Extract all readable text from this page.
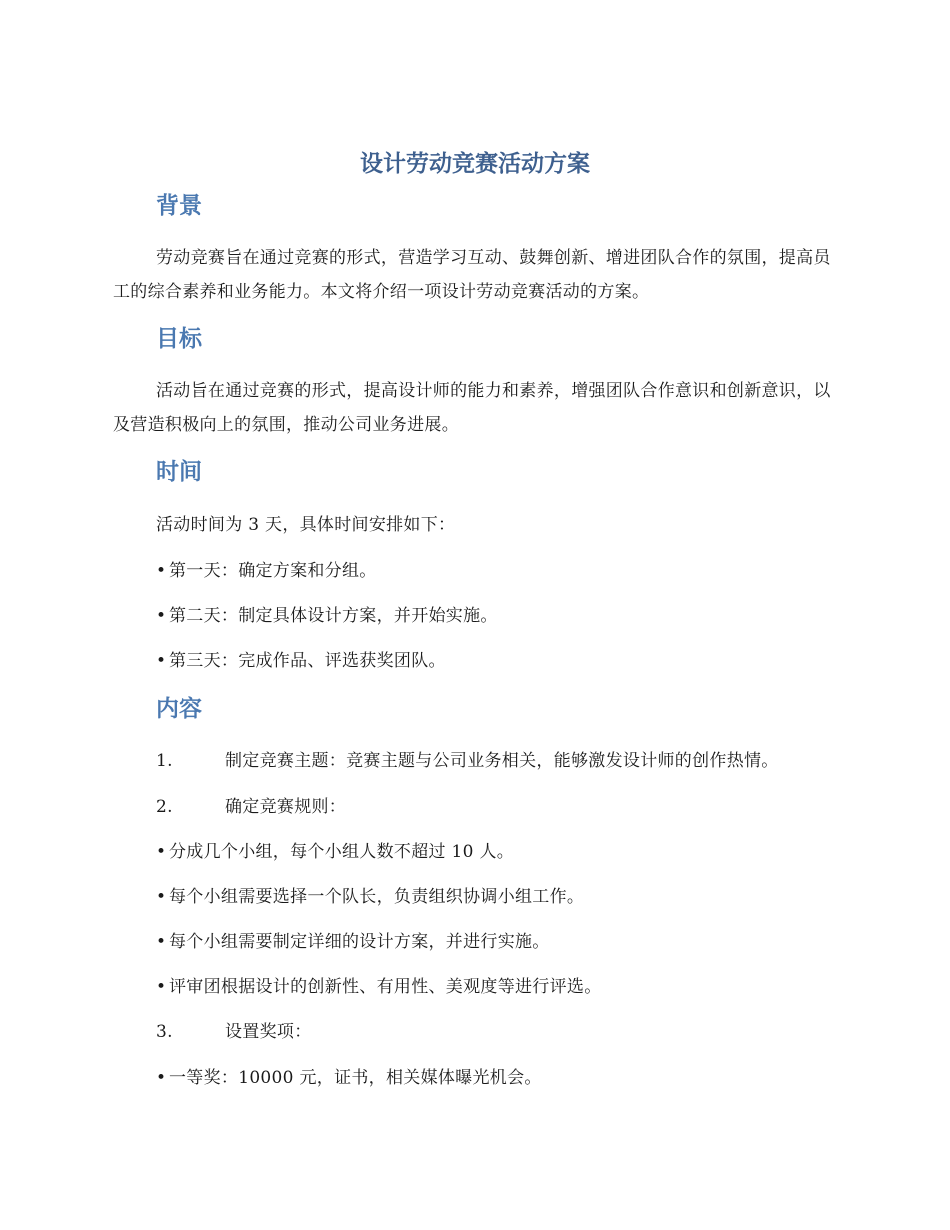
设计劳动竞赛活动方案
背景

劳动竞赛旨在通过竞赛的形式，营造学习互动、鼓舞创新、增进团队合作的氛围，提高员工的综合素养和业务能力。本文将介绍一项设计劳动竞赛活动的方案。

目标

活动旨在通过竞赛的形式，提高设计师的能力和素养，增强团队合作意识和创新意识，以及营造积极向上的氛围，推动公司业务进展。

时间

活动时间为 3 天，具体时间安排如下：

• 第一天：确定方案和分组。

• 第二天：制定具体设计方案，并开始实施。

• 第三天：完成作品、评选获奖团队。

内容

1.	制定竞赛主题：竞赛主题与公司业务相关，能够激发设计师的创作热情。

2.	确定竞赛规则：

• 分成几个小组，每个小组人数不超过 10 人。

• 每个小组需要选择一个队长，负责组织协调小组工作。

• 每个小组需要制定详细的设计方案，并进行实施。

• 评审团根据设计的创新性、有用性、美观度等进行评选。

3.	设置奖项：

• 一等奖：10000 元，证书，相关媒体曝光机会。
